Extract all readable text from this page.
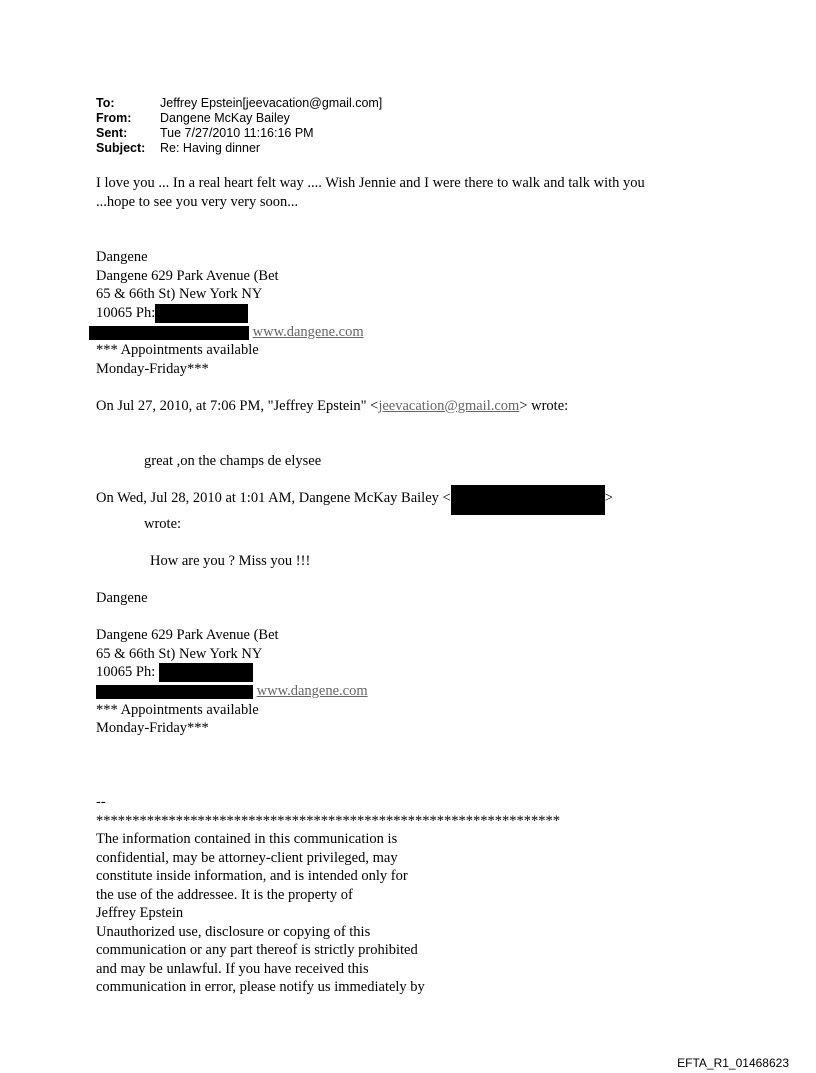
To:	Jeffrey Epstein[jeevacation@gmail.com]
From:	Dangene McKay Bailey
Sent:	Tue 7/27/2010 11:16:16 PM
Subject:	Re: Having dinner

I love you ... In a real heart felt way .... Wish Jennie and I were there to walk and talk with you

...hope to see you very very soon...

Dangene

Dangene 629 Park Avenue (Bet

65 & 66th St) New York NY

10065 Ph:

www.dangene.com

*** Appointments available

Monday-Friday***

On Jul 27, 2010, at 7:06 PM, "Jeffrey Epstein" <jeevacation@gmail.com> wrote:

great ,on the champs de elysee

On Wed, Jul 28, 2010 at 1:01 AM, Dangene McKay Bailey <	>

wrote:

How are you ? Miss you !!!

Dangene

Dangene 629 Park Avenue (Bet

65 & 66th St) New York NY

10065 Ph:

www.dangene.com

*** Appointments available

Monday-Friday***

--

****************************************************************

The information contained in this communication is

confidential, may be attorney-client privileged, may

constitute inside information, and is intended only for

the use of the addressee. It is the property of

Jeffrey Epstein

Unauthorized use, disclosure or copying of this

communication or any part thereof is strictly prohibited

and may be unlawful. If you have received this

communication in error, please notify us immediately by

EFTA_R1_01468623
